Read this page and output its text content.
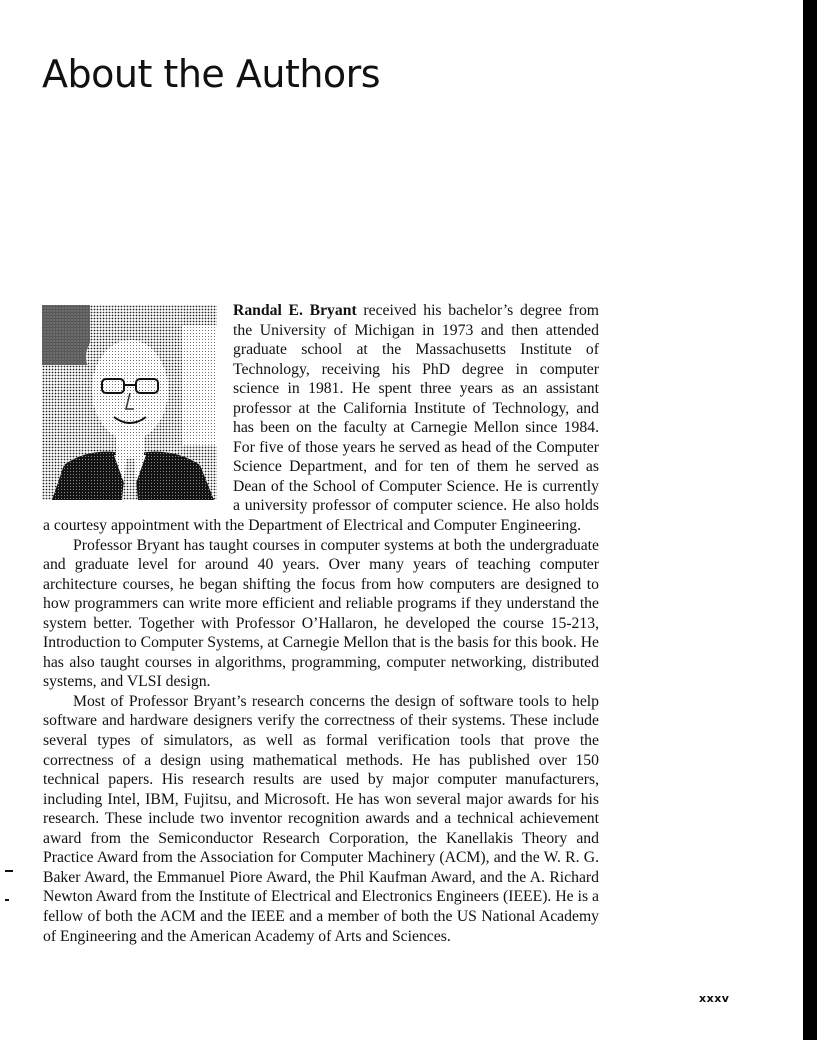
About the Authors

Randal E. Bryant received his bachelor’s degree from the University of Michigan in 1973 and then attended graduate school at the Massachusetts Institute of Technology, receiving his PhD degree in computer science in 1981. He spent three years as an assistant professor at the California Institute of Technology, and has been on the faculty at Carnegie Mellon since 1984. For five of those years he served as head of the Computer Science Department, and for ten of them he served as Dean of the School of Computer Science. He is currently a university professor of computer science. He also holds a courtesy appointment with the Department of Electrical and Computer Engineering.

Professor Bryant has taught courses in computer systems at both the undergraduate and graduate level for around 40 years. Over many years of teaching computer architecture courses, he began shifting the focus from how computers are designed to how programmers can write more efficient and reliable programs if they understand the system better. Together with Professor O’Hallaron, he developed the course 15-213, Introduction to Computer Systems, at Carnegie Mellon that is the basis for this book. He has also taught courses in algorithms, programming, computer networking, distributed systems, and VLSI design.

Most of Professor Bryant’s research concerns the design of software tools to help software and hardware designers verify the correctness of their systems. These include several types of simulators, as well as formal verification tools that prove the correctness of a design using mathematical methods. He has published over 150 technical papers. His research results are used by major computer manufacturers, including Intel, IBM, Fujitsu, and Microsoft. He has won several major awards for his research. These include two inventor recognition awards and a technical achievement award from the Semiconductor Research Corporation, the Kanellakis Theory and Practice Award from the Association for Computer Machinery (ACM), and the W. R. G. Baker Award, the Emmanuel Piore Award, the Phil Kaufman Award, and the A. Richard Newton Award from the Institute of Electrical and Electronics Engineers (IEEE). He is a fellow of both the ACM and the IEEE and a member of both the US National Academy of Engineering and the American Academy of Arts and Sciences.

xxxv
